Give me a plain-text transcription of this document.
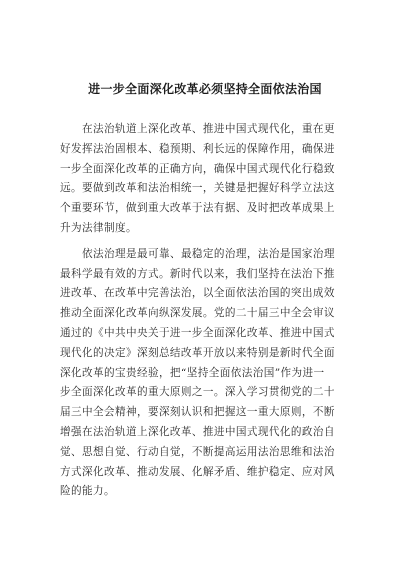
进一步全面深化改革必须坚持全面依法治国

在法治轨道上深化改革、推进中国式现代化，重在更
好发挥法治固根本、稳预期、利长远的保障作用，确保进
一步全面深化改革的正确方向，确保中国式现代化行稳致
远。要做到改革和法治相统一，关键是把握好科学立法这
个重要环节，做到重大改革于法有据、及时把改革成果上
升为法律制度。

依法治理是最可靠、最稳定的治理，法治是国家治理
最科学最有效的方式。新时代以来，我们坚持在法治下推
进改革、在改革中完善法治，以全面依法治国的突出成效
推动全面深化改革向纵深发展。党的二十届三中全会审议
通过的《中共中央关于进一步全面深化改革、推进中国式
现代化的决定》深刻总结改革开放以来特别是新时代全面
深化改革的宝贵经验，把“坚持全面依法治国”作为进一
步全面深化改革的重大原则之一。深入学习贯彻党的二十
届三中全会精神，要深刻认识和把握这一重大原则，不断
增强在法治轨道上深化改革、推进中国式现代化的政治自
觉、思想自觉、行动自觉，不断提高运用法治思维和法治
方式深化改革、推动发展、化解矛盾、维护稳定、应对风
险的能力。
